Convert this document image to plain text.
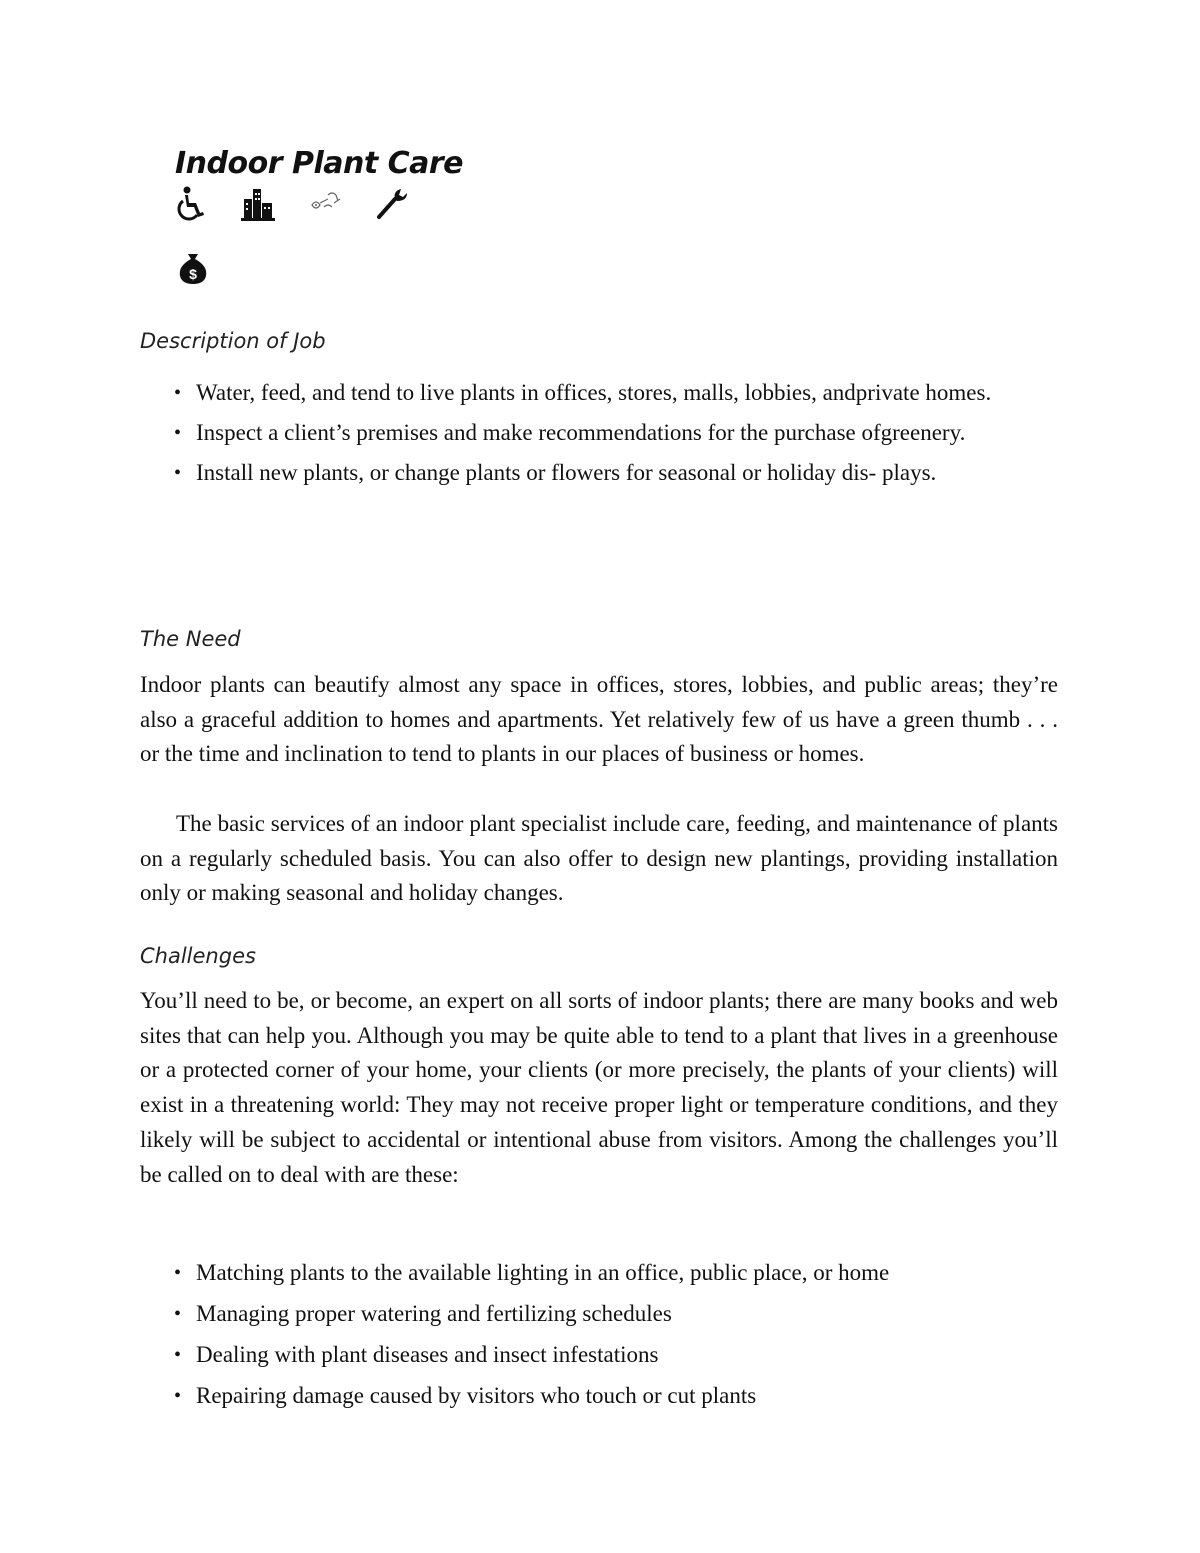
Indoor Plant Care
$
Description of Job
• Water, feed, and tend to live plants in offices, stores, malls, lobbies, andprivate homes.
• Inspect a client’s premises and make recommendations for the purchase ofgreenery.
• Install new plants, or change plants or flowers for seasonal or holiday dis- plays.
The Need

Indoor plants can beautify almost any space in offices, stores, lobbies, and public areas; they’re also a graceful addition to homes and apartments. Yet relatively few of us have a green thumb . . . or the time and inclination to tend to plants in our places of business or homes.

The basic services of an indoor plant specialist include care, feeding, and maintenance of plants on a regularly scheduled basis. You can also offer to design new plantings, providing installation only or making seasonal and holiday changes.

Challenges

You’ll need to be, or become, an expert on all sorts of indoor plants; there are many books and web sites that can help you. Although you may be quite able to tend to a plant that lives in a greenhouse or a protected corner of your home, your clients (or more precisely, the plants of your clients) will exist in a threatening world: They may not receive proper light or temperature conditions, and they likely will be subject to accidental or intentional abuse from visitors. Among the challenges you’ll be called on to deal with are these:

• Matching plants to the available lighting in an office, public place, or home
• Managing proper watering and fertilizing schedules
• Dealing with plant diseases and insect infestations
• Repairing damage caused by visitors who touch or cut plants
